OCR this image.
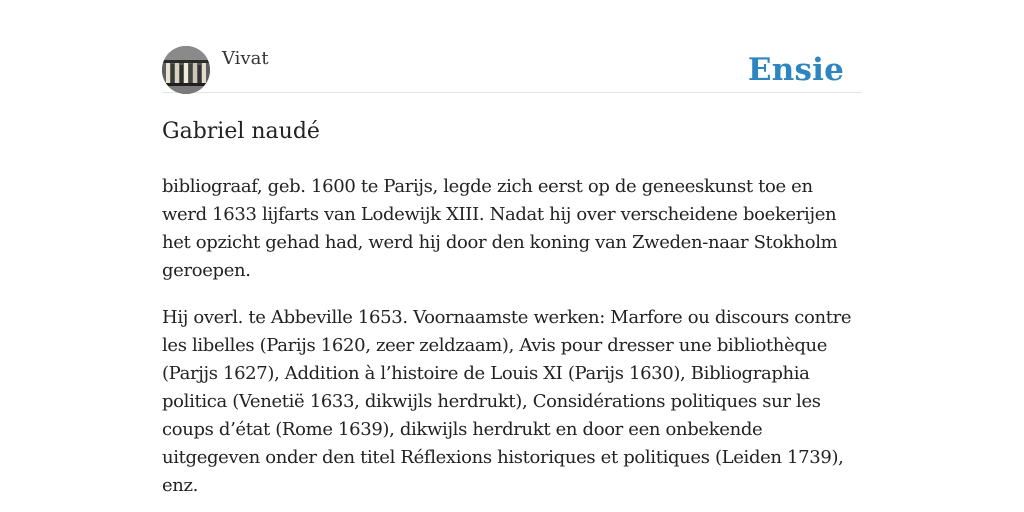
Vivat	Ensie
Gabriel naudé

bibliograaf, geb. 1600 te Parijs, legde zich eerst op de geneeskunst toe en werd 1633 lijfarts van Lodewijk XIII. Nadat hij over verscheidene boekerijen het opzicht gehad had, werd hij door den koning van Zweden-naar Stokholm geroepen.

Hij overl. te Abbeville 1653. Voornaamste werken: Marfore ou discours contre les libelles (Parijs 1620, zeer zeldzaam), Avis pour dresser une bibliothèque (Parjjs 1627), Addition à l’histoire de Louis XI (Parijs 1630), Bibliographia politica (Venetië 1633, dikwijls herdrukt), Considérations politiques sur les coups d’état (Rome 1639), dikwijls herdrukt en door een onbekende uitgegeven onder den titel Réflexions historiques et politiques (Leiden 1739), enz.
